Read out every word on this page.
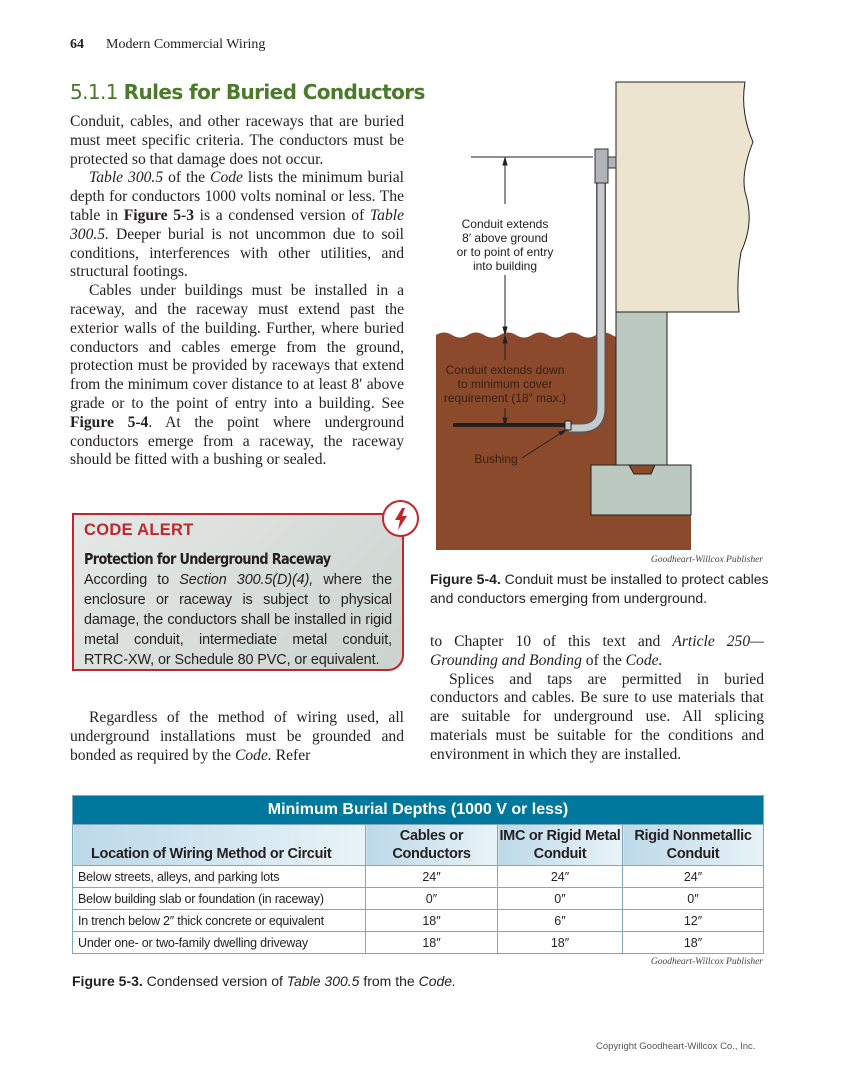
64 Modern Commercial Wiring
5.1.1 Rules for Buried Conductors

Conduit, cables, and other raceways that are buried must meet specific criteria. The conductors must be protected so that damage does not occur.

Table 300.5 of the Code lists the minimum burial depth for conductors 1000 volts nominal or less. The table in Figure 5-3 is a condensed version of Table 300.5. Deeper burial is not uncommon due to soil conditions, interferences with other utilities, and structural footings.

Cables under buildings must be installed in a raceway, and the raceway must extend past the exterior walls of the building. Further, where buried conductors and cables emerge from the ground, protection must be provided by raceways that extend from the minimum cover distance to at least 8′ above grade or to the point of entry into a building. See Figure 5-4. At the point where underground conductors emerge from a raceway, the raceway should be fitted with a bushing or sealed.

CODE ALERT
Protection for Underground Raceway
According to Section 300.5(D)(4), where the enclosure or raceway is subject to physical damage, the conductors shall be installed in rigid metal conduit, intermediate metal conduit, RTRC-XW, or Schedule 80 PVC, or equivalent.

Regardless of the method of wiring used, all underground installations must be grounded and bonded as required by the Code. Refer

Conduit extends
8′ above ground
or to point of entry
into building
Conduit extends down
to minimum cover
requirement (18″ max.)
Bushing
Goodheart-Willcox Publisher
Figure 5-4. Conduit must be installed to protect cables and conductors emerging from underground.

to Chapter 10 of this text and Article 250—Grounding and Bonding of the Code.

Splices and taps are permitted in buried conductors and cables. Be sure to use materials that are suitable for underground use. All splicing materials must be suitable for the conditions and environment in which they are installed.

Minimum Burial Depths (1000 V or less)			
Location of Wiring Method or Circuit	Cables or Conductors	IMC or Rigid Metal Conduit	Rigid Nonmetallic Conduit
Below streets, alleys, and parking lots	24″	24″	24″
Below building slab or foundation (in raceway)	0″	0″	0″
In trench below 2″ thick concrete or equivalent	18″	6″	12″
Under one- or two-family dwelling driveway	18″	18″	18″
Goodheart-Willcox Publisher
Figure 5-3. Condensed version of Table 300.5 from the Code.
Copyright Goodheart-Willcox Co., Inc.
